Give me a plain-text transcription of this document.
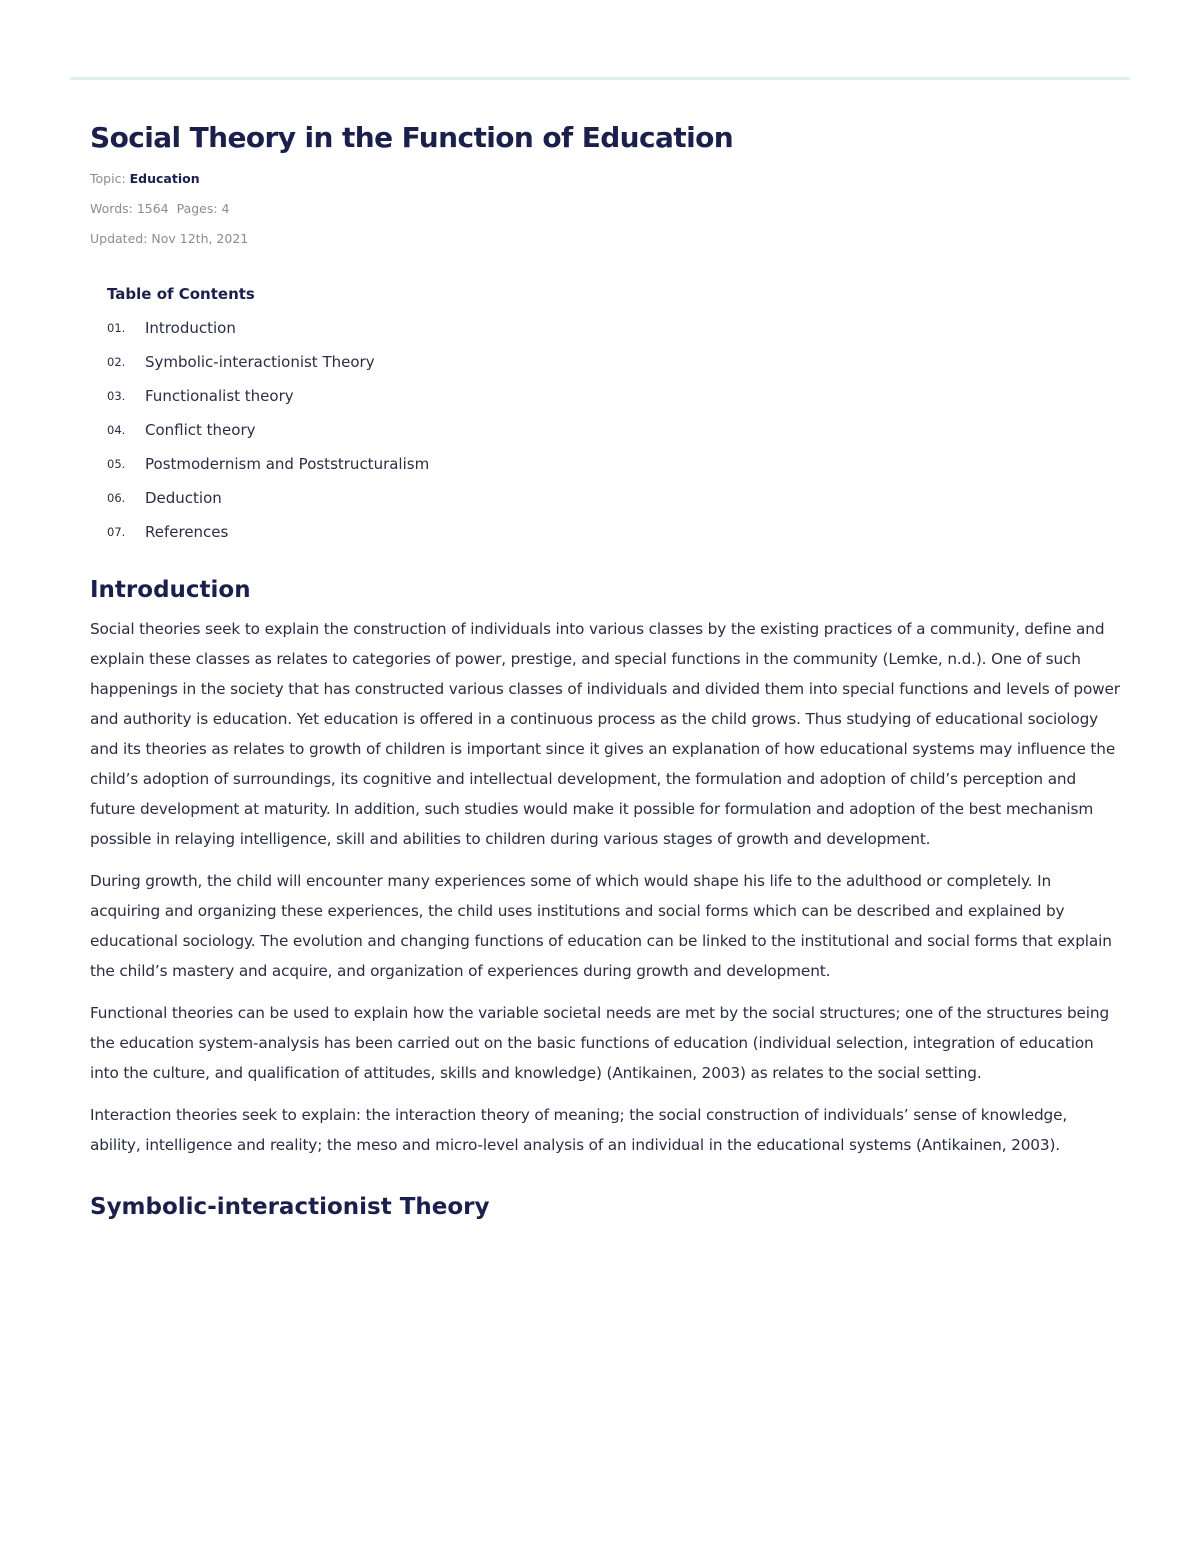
Social Theory in the Function of Education

Topic: Education

Words: 1564 Pages: 4

Updated: Nov 12th, 2021

Table of Contents

01.	Introduction
02.	Symbolic-interactionist Theory
03.	Functionalist theory
04.	Conflict theory
05.	Postmodernism and Poststructuralism
06.	Deduction
07.	References
Introduction

Social theories seek to explain the construction of individuals into various classes by the existing practices of a community, define and explain these classes as relates to categories of power, prestige, and special functions in the community (Lemke, n.d.). One of such happenings in the society that has constructed various classes of individuals and divided them into special functions and levels of power and authority is education. Yet education is offered in a continuous process as the child grows. Thus studying of educational sociology and its theories as relates to growth of children is important since it gives an explanation of how educational systems may influence the child’s adoption of surroundings, its cognitive and intellectual development, the formulation and adoption of child’s perception and future development at maturity. In addition, such studies would make it possible for formulation and adoption of the best mechanism possible in relaying intelligence, skill and abilities to children during various stages of growth and development.

During growth, the child will encounter many experiences some of which would shape his life to the adulthood or completely. In acquiring and organizing these experiences, the child uses institutions and social forms which can be described and explained by educational sociology. The evolution and changing functions of education can be linked to the institutional and social forms that explain the child’s mastery and acquire, and organization of experiences during growth and development.

Functional theories can be used to explain how the variable societal needs are met by the social structures; one of the structures being the education system-analysis has been carried out on the basic functions of education (individual selection, integration of education into the culture, and qualification of attitudes, skills and knowledge) (Antikainen, 2003) as relates to the social setting.

Interaction theories seek to explain: the interaction theory of meaning; the social construction of individuals’ sense of knowledge, ability, intelligence and reality; the meso and micro-level analysis of an individual in the educational systems (Antikainen, 2003).

Symbolic-interactionist Theory
